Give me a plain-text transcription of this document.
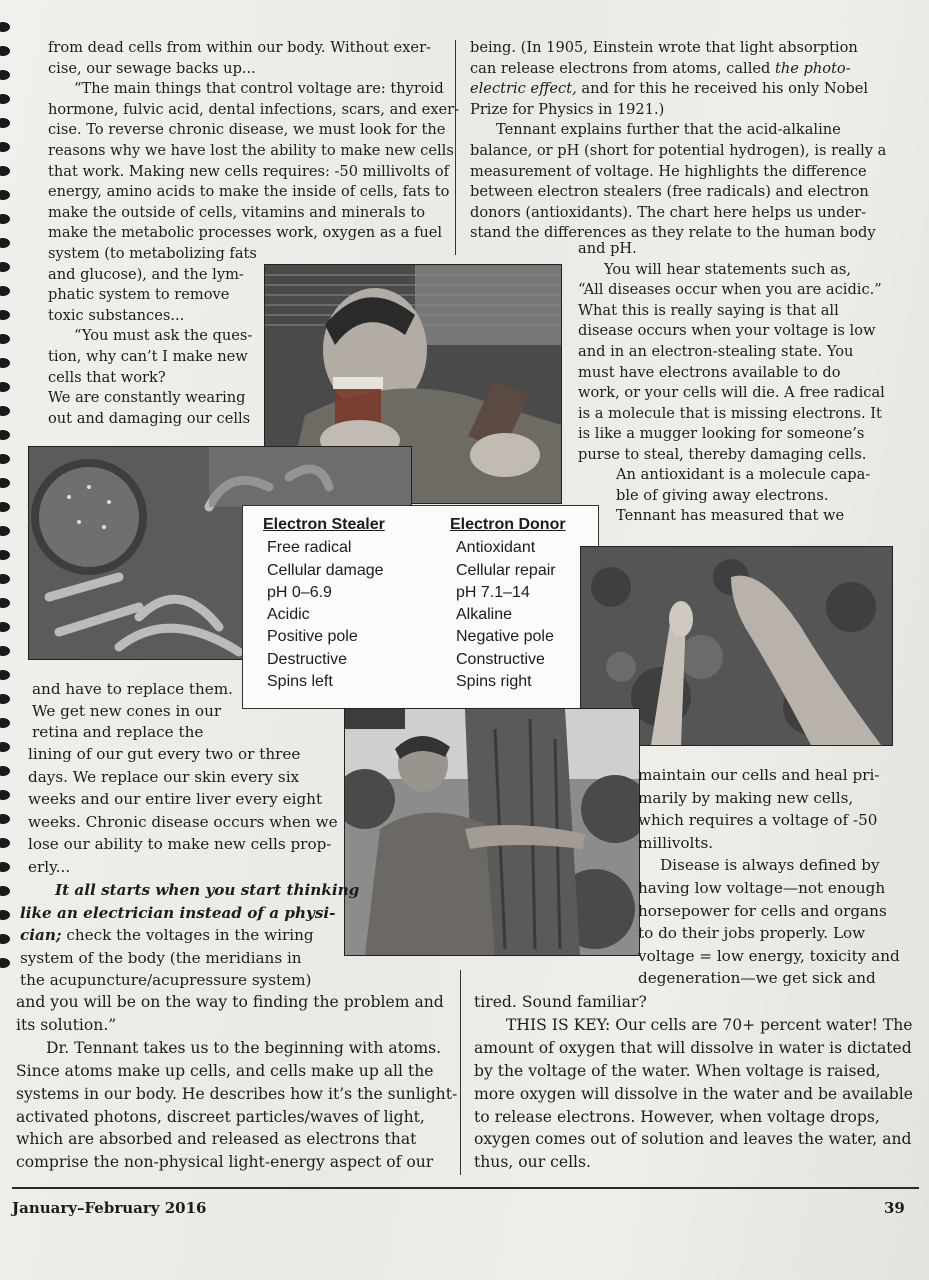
from dead cells from within our body. Without exer-
cise, our sewage backs up...
“The main things that control voltage are: thyroid
hormone, fulvic acid, dental infections, scars, and exer-
cise. To reverse chronic disease, we must look for the
reasons why we have lost the ability to make new cells
that work. Making new cells requires: -50 millivolts of
energy, amino acids to make the inside of cells, fats to
make the outside of cells, vitamins and minerals to
make the metabolic processes work, oxygen as a fuel
system (to metabolizing fats
and glucose), and the lym-
phatic system to remove
toxic substances...
“You must ask the ques-
tion, why can’t I make new
cells that work?
We are constantly wearing
out and damaging our cells
being. (In 1905, Einstein wrote that light absorption
can release electrons from atoms, called the photo-
electric effect, and for this he received his only Nobel
Prize for Physics in 1921.)
Tennant explains further that the acid-alkaline
balance, or pH (short for potential hydrogen), is really a
measurement of voltage. He highlights the difference
between electron stealers (free radicals) and electron
donors (antioxidants). The chart here helps us under-
stand the differences as they relate to the human body
and pH.
You will hear statements such as,
“All diseases occur when you are acidic.”
What this is really saying is that all
disease occurs when your voltage is low
and in an electron-stealing state. You
must have electrons available to do
work, or your cells will die. A free radical
is a molecule that is missing electrons. It
is like a mugger looking for someone’s
purse to steal, thereby damaging cells.
An antioxidant is a molecule capa-
ble of giving away electrons.
Tennant has measured that we
Electron Stealer
Free radical
Cellular damage
pH 0–6.9
Acidic
Positive pole
Destructive
Spins left
Electron Donor
Antioxidant
Cellular repair
pH 7.1–14
Alkaline
Negative pole
Constructive
Spins right
and have to replace them.
We get new cones in our
retina and replace the
lining of our gut every two or three
days. We replace our skin every six
weeks and our entire liver every eight
weeks. Chronic disease occurs when we
lose our ability to make new cells prop-
erly...
It all starts when you start thinking
like an electrician instead of a physi-
cian; check the voltages in the wiring
system of the body (the meridians in
the acupuncture/acupressure system)
and you will be on the way to finding the problem and
its solution.”
Dr. Tennant takes us to the beginning with atoms.
Since atoms make up cells, and cells make up all the
systems in our body. He describes how it’s the sunlight-
activated photons, discreet particles/waves of light,
which are absorbed and released as electrons that
comprise the non-physical light-energy aspect of our
maintain our cells and heal pri-
marily by making new cells,
which requires a voltage of -50
millivolts.
Disease is always defined by
having low voltage—not enough
horsepower for cells and organs
to do their jobs properly. Low
voltage = low energy, toxicity and
degeneration—we get sick and
tired. Sound familiar?
THIS IS KEY: Our cells are 70+ percent water! The
amount of oxygen that will dissolve in water is dictated
by the voltage of the water. When voltage is raised,
more oxygen will dissolve in the water and be available
to release electrons. However, when voltage drops,
oxygen comes out of solution and leaves the water, and
thus, our cells.
January–February 2016	39
